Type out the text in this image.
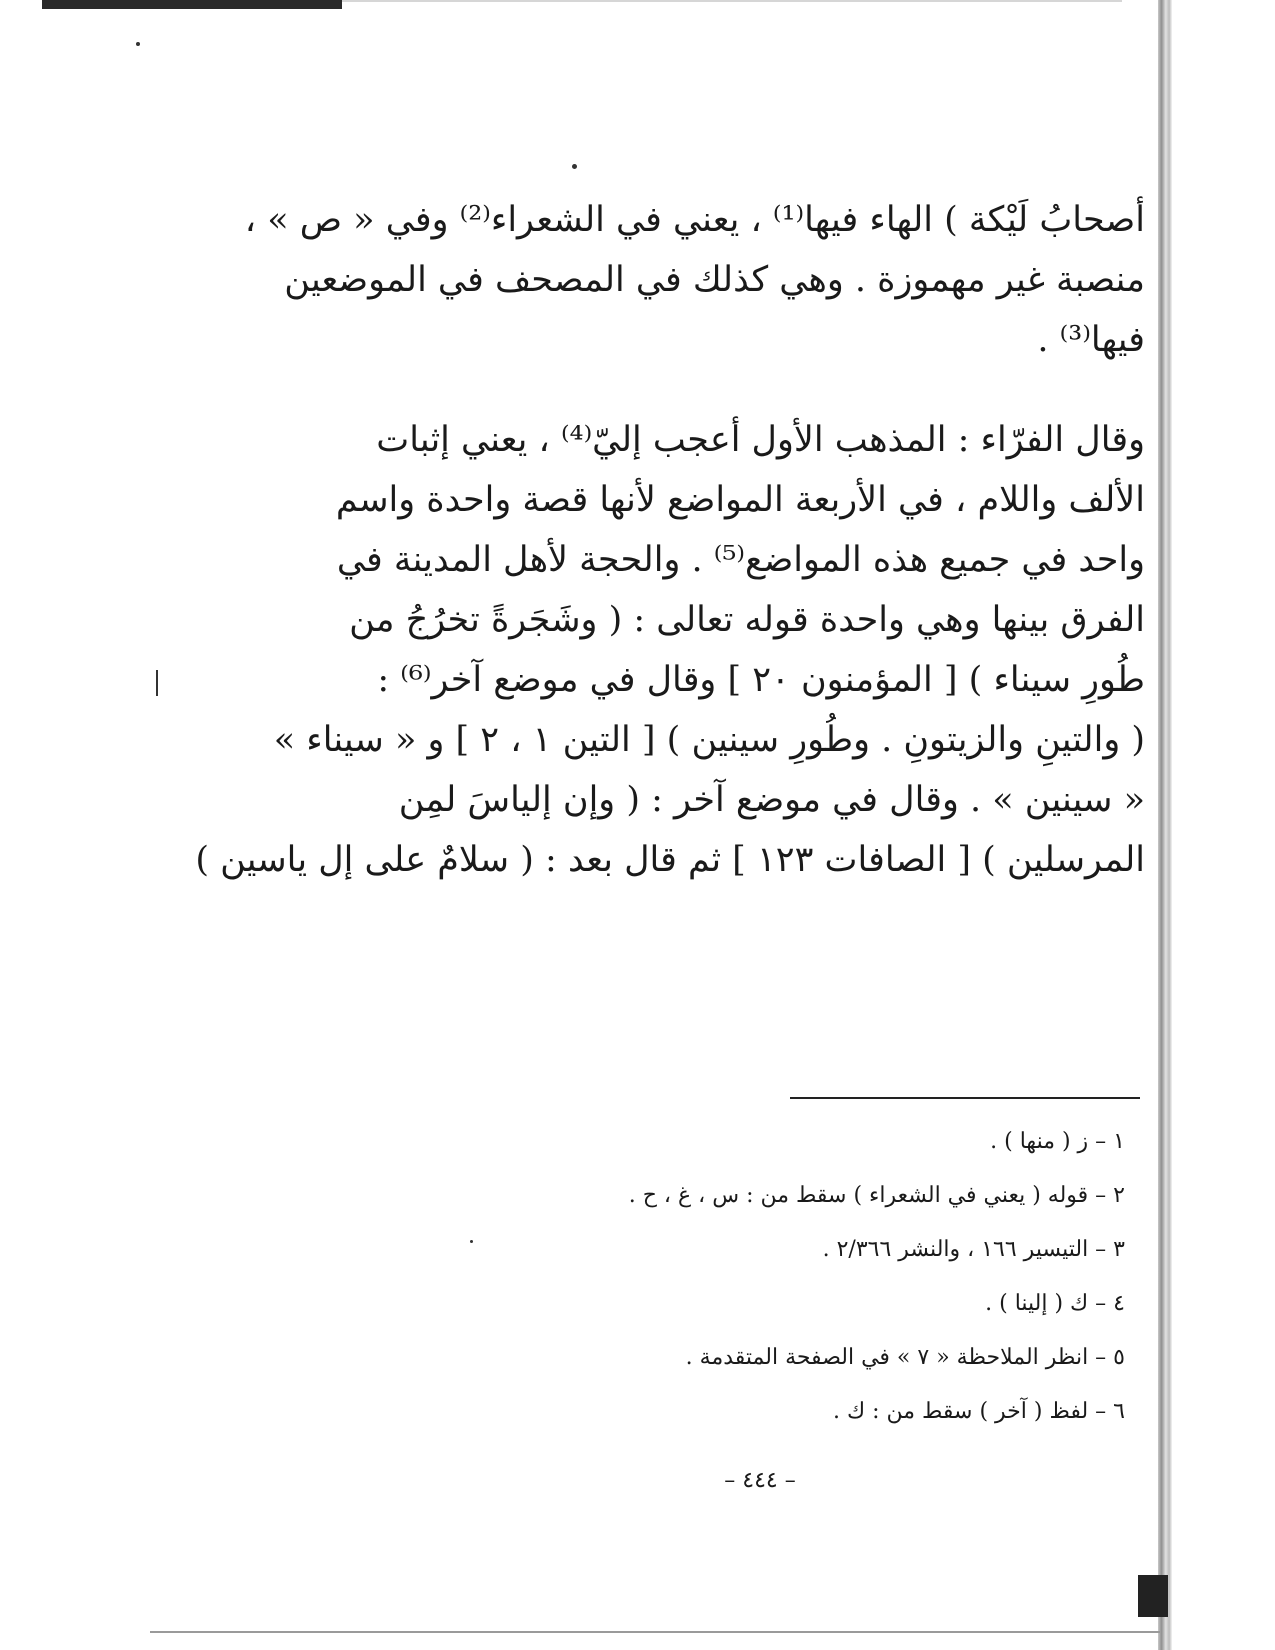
أصحابُ لَيْكة ) الهاء فيها⁽¹⁾ ، يعني في الشعراء⁽²⁾ وفي « ص » ،
منصبة غير مهموزة . وهي كذلك في المصحف في الموضعين
فيها⁽³⁾ .
وقال الفرّاء : المذهب الأول أعجب إليّ⁽⁴⁾ ، يعني إثبات
الألف واللام ، في الأربعة المواضع لأنها قصة واحدة واسم
واحد في جميع هذه المواضع⁽⁵⁾ . والحجة لأهل المدينة في
الفرق بينها وهي واحدة قوله تعالى : ( وشَجَرةً تخرُجُ من
طُورِ سيناء ) [ المؤمنون ٢٠ ] وقال في موضع آخر⁽⁶⁾ :
( والتينِ والزيتونِ . وطُورِ سينين ) [ التين ١ ، ٢ ] و « سيناء »
« سينين » . وقال في موضع آخر : ( وإن إلياسَ لمِن
المرسلين ) [ الصافات ١٢٣ ] ثم قال بعد : ( سلامٌ على إل ياسين )
١ – ز ( منها ) .
٢ – قوله ( يعني في الشعراء ) سقط من : س ، غ ، ح .
٣ – التيسير ١٦٦ ، والنشر ٢/٣٦٦ .
٤ – ك ( إلينا ) .
٥ – انظر الملاحظة « ٧ » في الصفحة المتقدمة .
٦ – لفظ ( آخر ) سقط من : ك .
– ٤٤٤ –
